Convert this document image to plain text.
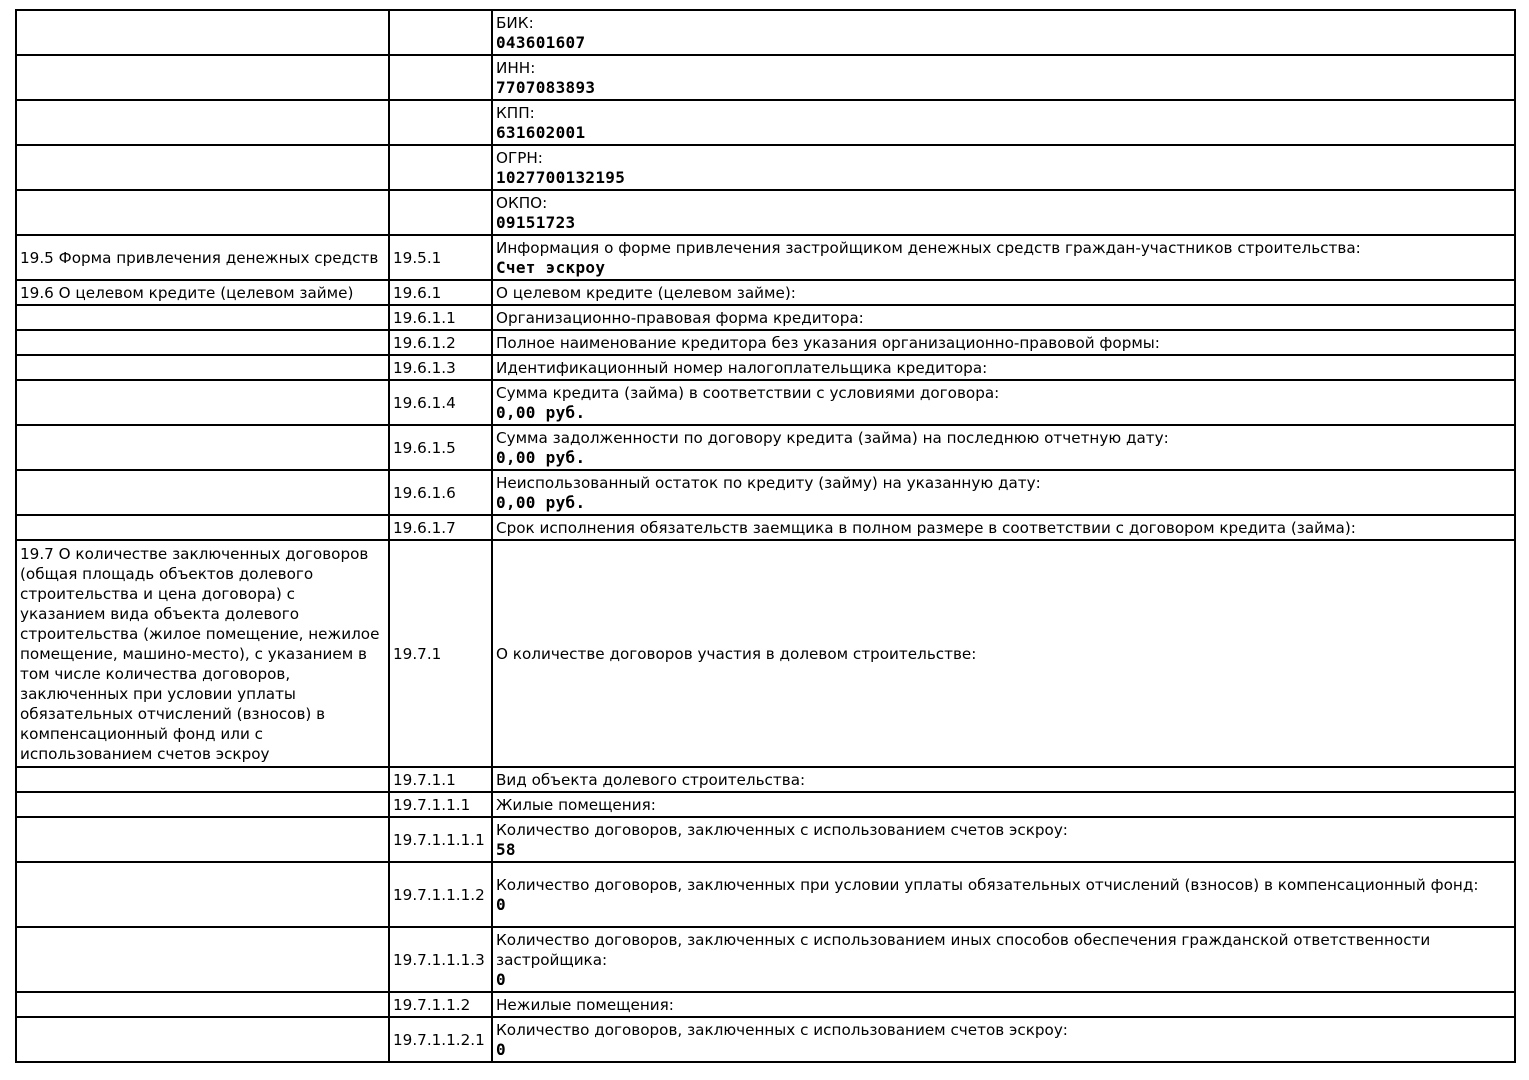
		БИК:
043601607

		ИНН:
7707083893

		КПП:
631602001

		ОГРН:
1027700132195

		ОКПО:
09151723

19.5 Форма привлечения денежных средств	19.5.1	Информация о форме привлечения застройщиком денежных средств граждан-участников строительства:
Счет эскроу

19.6 О целевом кредите (целевом займе)	19.6.1	О целевом кредите (целевом займе):

	19.6.1.1	Организационно-правовая форма кредитора:

	19.6.1.2	Полное наименование кредитора без указания организационно-правовой формы:

	19.6.1.3	Идентификационный номер налогоплательщика кредитора:

	19.6.1.4	Сумма кредита (займа) в соответствии с условиями договора:
0,00 руб.

	19.6.1.5	Сумма задолженности по договору кредита (займа) на последнюю отчетную дату:
0,00 руб.

	19.6.1.6	Неиспользованный остаток по кредиту (займу) на указанную дату:
0,00 руб.

	19.6.1.7	Срок исполнения обязательств заемщика в полном размере в соответствии с договором кредита (займа):

19.7 О количестве заключенных договоров (общая площадь объектов долевого строительства и цена договора) с указанием вида объекта долевого строительства (жилое помещение, нежилое помещение, машино-место), с указанием в том числе количества договоров, заключенных при условии уплаты обязательных отчислений (взносов) в компенсационный фонд или с использованием счетов эскроу	19.7.1	О количестве договоров участия в долевом строительстве:

	19.7.1.1	Вид объекта долевого строительства:

	19.7.1.1.1	Жилые помещения:

	19.7.1.1.1.1	Количество договоров, заключенных с использованием счетов эскроу:
58

	19.7.1.1.1.2	Количество договоров, заключенных при условии уплаты обязательных отчислений (взносов) в компенсационный фонд:
0

	19.7.1.1.1.3	Количество договоров, заключенных с использованием иных способов обеспечения гражданской ответственности застройщика:
0

	19.7.1.1.2	Нежилые помещения:

	19.7.1.1.2.1	Количество договоров, заключенных с использованием счетов эскроу:
0
